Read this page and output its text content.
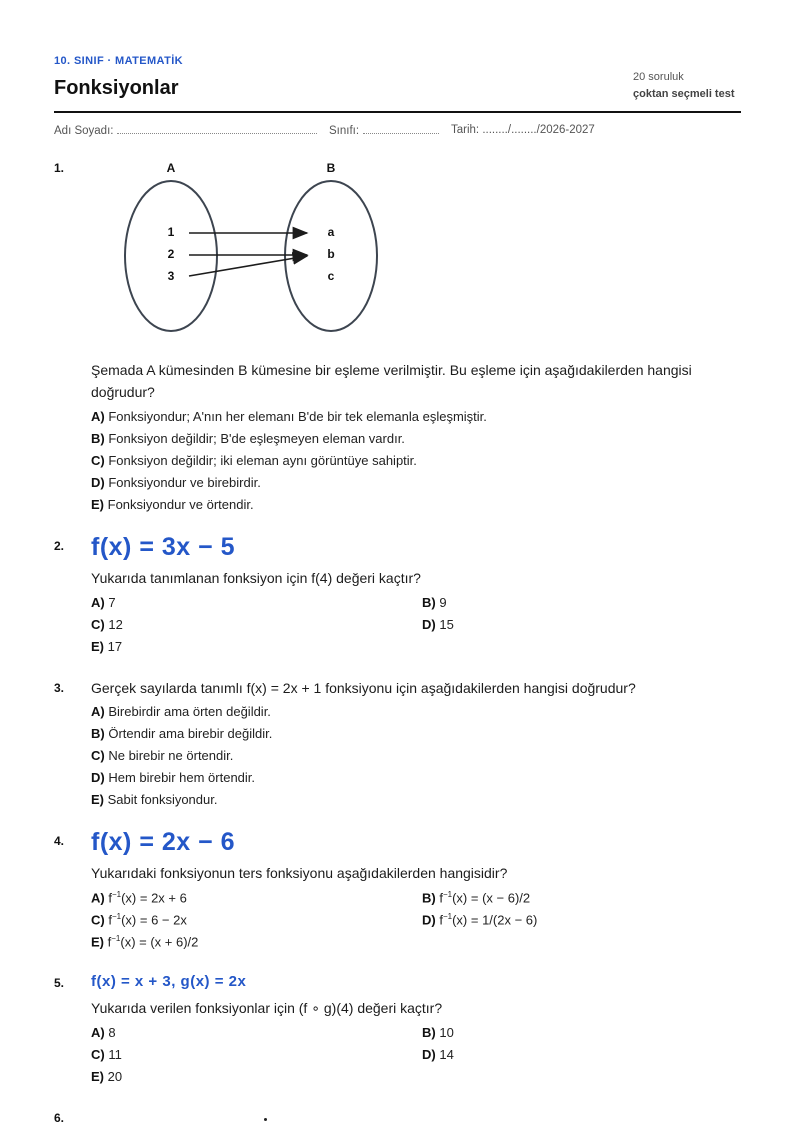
10. SINIF · MATEMATİK
Fonksiyonlar	20 soruluk
çoktan seçmeli test
Adı Soyadı:	Sınıfı:	Tarih: ......../......../2026-2027
1.	A	B
1
2
3
a
b
c
Şemada A kümesinden B kümesine bir eşleme verilmiştir. Bu eşleme için aşağıdakilerden hangisi doğrudur?
A) Fonksiyondur; A'nın her elemanı B'de bir tek elemanla eşleşmiştir.
B) Fonksiyon değildir; B'de eşleşmeyen eleman vardır.
C) Fonksiyon değildir; iki eleman aynı görüntüye sahiptir.
D) Fonksiyondur ve birebirdir.
E) Fonksiyondur ve örtendir.
2. f(x) = 3x − 5
Yukarıda tanımlanan fonksiyon için f(4) değeri kaçtır?
A) 7	B) 9
C) 12	D) 15
E) 17
3. Gerçek sayılarda tanımlı f(x) = 2x + 1 fonksiyonu için aşağıdakilerden hangisi doğrudur?
A) Birebirdir ama örten değildir.
B) Örtendir ama birebir değildir.
C) Ne birebir ne örtendir.
D) Hem birebir hem örtendir.
E) Sabit fonksiyondur.
4. f(x) = 2x − 6
Yukarıdaki fonksiyonun ters fonksiyonu aşağıdakilerden hangisidir?
A) $f^{-1}(x) = 2x + 6$	B) $f^{-1}(x) = (x - 6)/2$
C) $f^{-1}(x) = 6 - 2x$	D) $f^{-1}(x) = 1/(2x - 6)$
E) $f^{-1}(x) = (x + 6)/2$
5. f(x) = x + 3, g(x) = 2x
Yukarıda verilen fonksiyonlar için (f ∘ g)(4) değeri kaçtır?
A) 8	B) 10
C) 11	D) 14
E) 20
6.
